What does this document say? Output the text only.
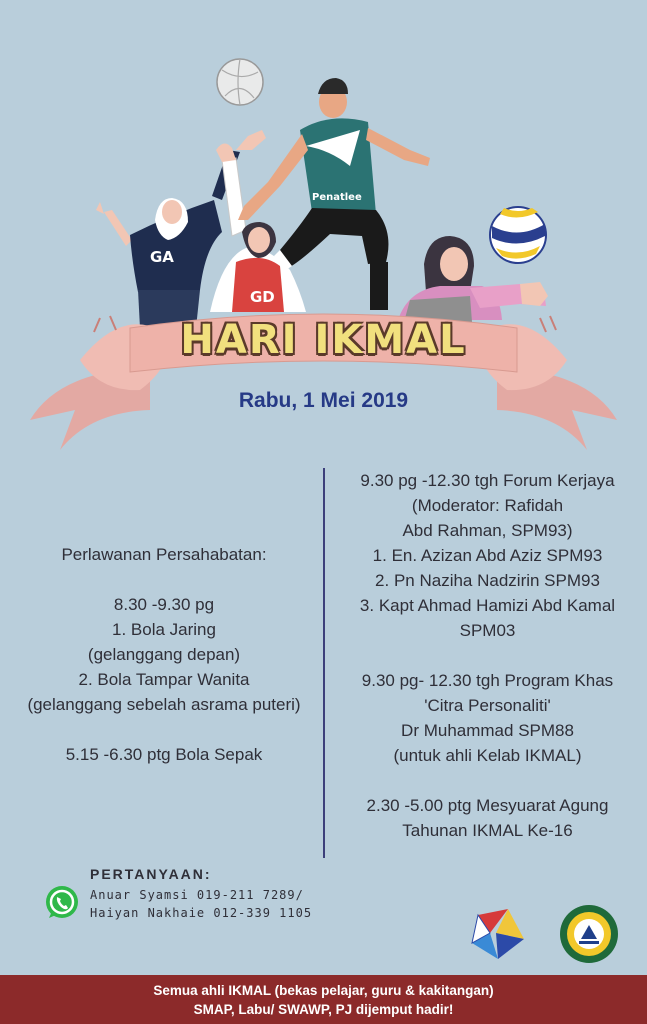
GA
GD
Penatlee
HARI IKMAL
Rabu, 1 Mei 2019
Perlawanan Persahabatan:
8.30 -9.30 pg
1. Bola Jaring
(gelanggang depan)
2. Bola Tampar Wanita
(gelanggang sebelah asrama puteri)
5.15 -6.30 ptg Bola Sepak
9.30 pg -12.30 tgh Forum Kerjaya
(Moderator: Rafidah
Abd Rahman, SPM93)
1. En. Azizan Abd Aziz SPM93
2. Pn Naziha Nadzirin SPM93
3. Kapt Ahmad Hamizi Abd Kamal
SPM03
9.30 pg- 12.30 tgh Program Khas
'Citra Personaliti'
Dr Muhammad SPM88
(untuk ahli Kelab IKMAL)
2.30 -5.00 ptg Mesyuarat Agung
Tahunan IKMAL Ke-16
PERTANYAAN:
Anuar Syamsi 019-211 7289/
Haiyan Nakhaie 012-339 1105
Semua ahli IKMAL (bekas pelajar, guru & kakitangan)
SMAP, Labu/ SWAWP, PJ dijemput hadir!
